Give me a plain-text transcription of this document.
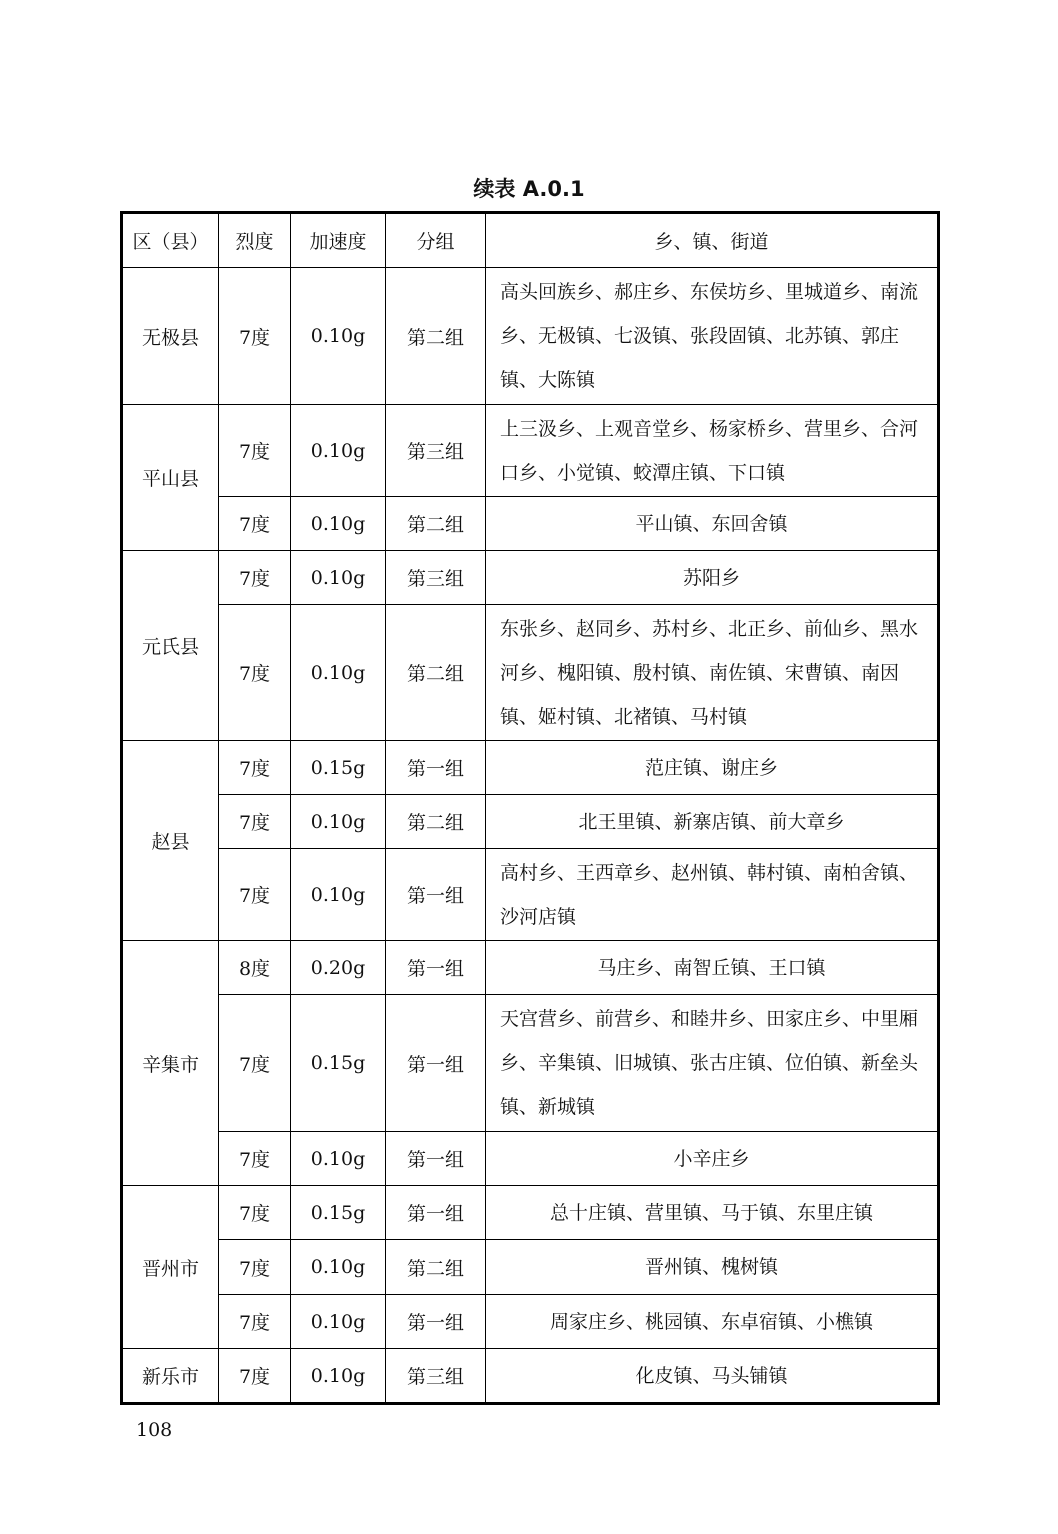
续表 A.0.1
区（县）	烈度	加速度	分组	乡、镇、街道
无极县	7度	0.10g	第二组	高头回族乡、郝庄乡、东侯坊乡、里城道乡、南流乡、无极镇、七汲镇、张段固镇、北苏镇、郭庄镇、大陈镇
平山县	7度	0.10g	第三组	上三汲乡、上观音堂乡、杨家桥乡、营里乡、合河口乡、小觉镇、蛟潭庄镇、下口镇
	7度	0.10g	第二组	平山镇、东回舍镇
元氏县	7度	0.10g	第三组	苏阳乡
	7度	0.10g	第二组	东张乡、赵同乡、苏村乡、北正乡、前仙乡、黑水河乡、槐阳镇、殷村镇、南佐镇、宋曹镇、南因镇、姬村镇、北褚镇、马村镇
赵县	7度	0.15g	第一组	范庄镇、谢庄乡
	7度	0.10g	第二组	北王里镇、新寨店镇、前大章乡
	7度	0.10g	第一组	高村乡、王西章乡、赵州镇、韩村镇、南柏舍镇、沙河店镇
辛集市	8度	0.20g	第一组	马庄乡、南智丘镇、王口镇
	7度	0.15g	第一组	天宫营乡、前营乡、和睦井乡、田家庄乡、中里厢乡、辛集镇、旧城镇、张古庄镇、位伯镇、新垒头镇、新城镇
	7度	0.10g	第一组	小辛庄乡
晋州市	7度	0.15g	第一组	总十庄镇、营里镇、马于镇、东里庄镇
	7度	0.10g	第二组	晋州镇、槐树镇
	7度	0.10g	第一组	周家庄乡、桃园镇、东卓宿镇、小樵镇
新乐市	7度	0.10g	第三组	化皮镇、马头铺镇
108
